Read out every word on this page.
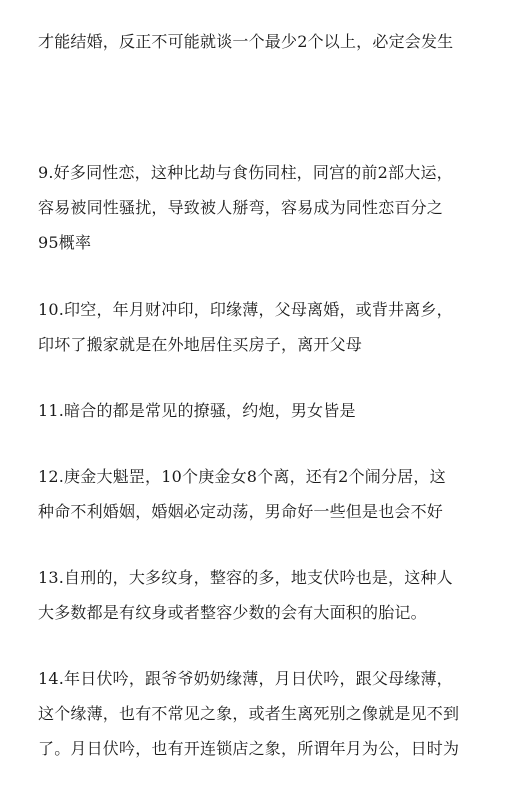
才能结婚，反正不可能就谈一个最少2个以上，必定会发生
9.好多同性恋，这种比劫与食伤同柱，同宫的前2部大运，
容易被同性骚扰，导致被人掰弯，容易成为同性恋百分之
95概率
10.印空，年月财冲印，印缘薄，父母离婚，或背井离乡，
印坏了搬家就是在外地居住买房子，离开父母
11.暗合的都是常见的撩骚，约炮，男女皆是
12.庚金大魁罡，10个庚金女8个离，还有2个闹分居，这
种命不利婚姻，婚姻必定动荡，男命好一些但是也会不好
13.自刑的，大多纹身，整容的多，地支伏吟也是，这种人
大多数都是有纹身或者整容少数的会有大面积的胎记。
14.年日伏吟，跟爷爷奶奶缘薄，月日伏吟，跟父母缘薄，
这个缘薄，也有不常见之象，或者生离死别之像就是见不到
了。月日伏吟，也有开连锁店之象，所谓年月为公，日时为
